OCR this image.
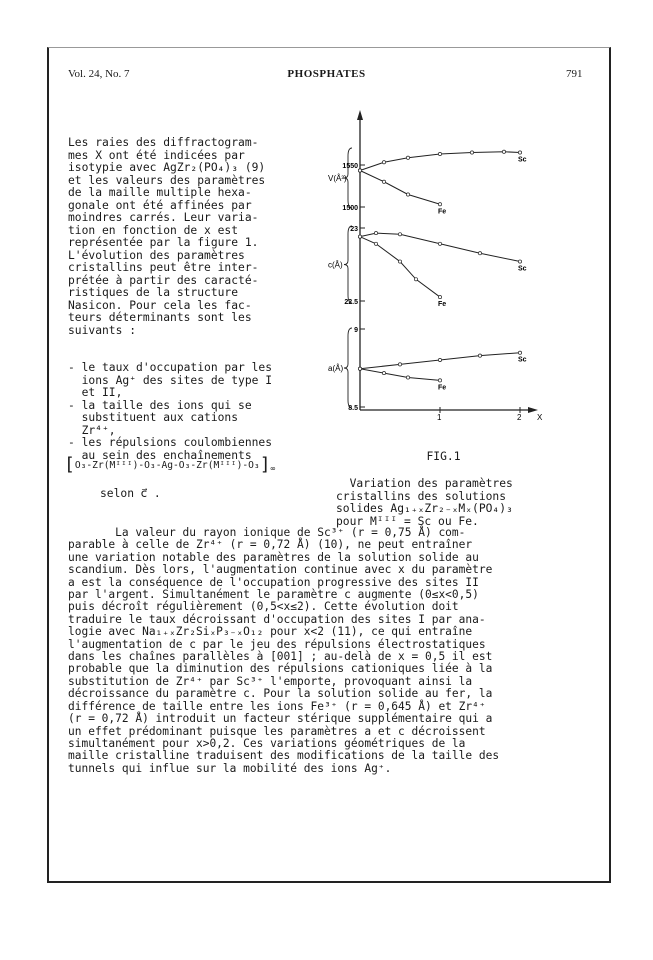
Vol. 24, No. 7	PHOSPHATES	791

Les raies des diffractogram-

mes X ont été indicées par

isotypie avec AgZr₂(PO₄)₃ (9)

et les valeurs des paramètres

de la maille multiple hexa-

gonale ont été affinées par

moindres carrés. Leur varia-

tion en fonction de x est

représentée par la figure 1.

L'évolution des paramètres

cristallins peut être inter-

prétée à partir des caracté-

ristiques de la structure

Nasicon. Pour cela les fac-

teurs déterminants sont les

suivants :

- le taux d'occupation par les
ions Ag⁺ des sites de type I
et II,

- la taille des ions qui se
substituent aux cations
Zr⁴⁺,

- les répulsions coulombiennes
au sein des enchaînements

$[O_3-Zr(Mᴵᴵᴵ)-O_3-Ag-O_3-Zr(Mᴵᴵᴵ)-O_3]_\infty$
selon c⃗ .
1	2 X
V(Å³)
1550
1500
Sc
Fe
c(Å)
23
22.5
Sc
Fe
a(Å)
9
8.5
Sc
Fe

FIG.1

Variation des paramètres
cristallins des solutions
solides Ag₁₊ₓZr₂₋ₓMₓ(PO₄)₃
pour Mᴵᴵᴵ = Sc ou Fe.

La valeur du rayon ionique de Sc³⁺ (r = 0,75 Å) com-
parable à celle de Zr⁴⁺ (r = 0,72 Å) (10), ne peut entraîner
une variation notable des paramètres de la solution solide au
scandium. Dès lors, l'augmentation continue avec x du paramètre
a est la conséquence de l'occupation progressive des sites II
par l'argent. Simultanément le paramètre c augmente (0≤x<0,5)
puis décroît régulièrement (0,5<x≤2). Cette évolution doit
traduire le taux décroissant d'occupation des sites I par ana-
logie avec Na₁₊ₓZr₂SiₓP₃₋ₓO₁₂ pour x<2 (11), ce qui entraîne
l'augmentation de c par le jeu des répulsions électrostatiques
dans les chaînes parallèles à [001] ; au-delà de x = 0,5 il est
probable que la diminution des répulsions cationiques liée à la
substitution de Zr⁴⁺ par Sc³⁺ l'emporte, provoquant ainsi la
décroissance du paramètre c. Pour la solution solide au fer, la
différence de taille entre les ions Fe³⁺ (r = 0,645 Å) et Zr⁴⁺
(r = 0,72 Å) introduit un facteur stérique supplémentaire qui a
un effet prédominant puisque les paramètres a et c décroissent
simultanément pour x>0,2. Ces variations géométriques de la
maille cristalline traduisent des modifications de la taille des
tunnels qui influe sur la mobilité des ions Ag⁺.
